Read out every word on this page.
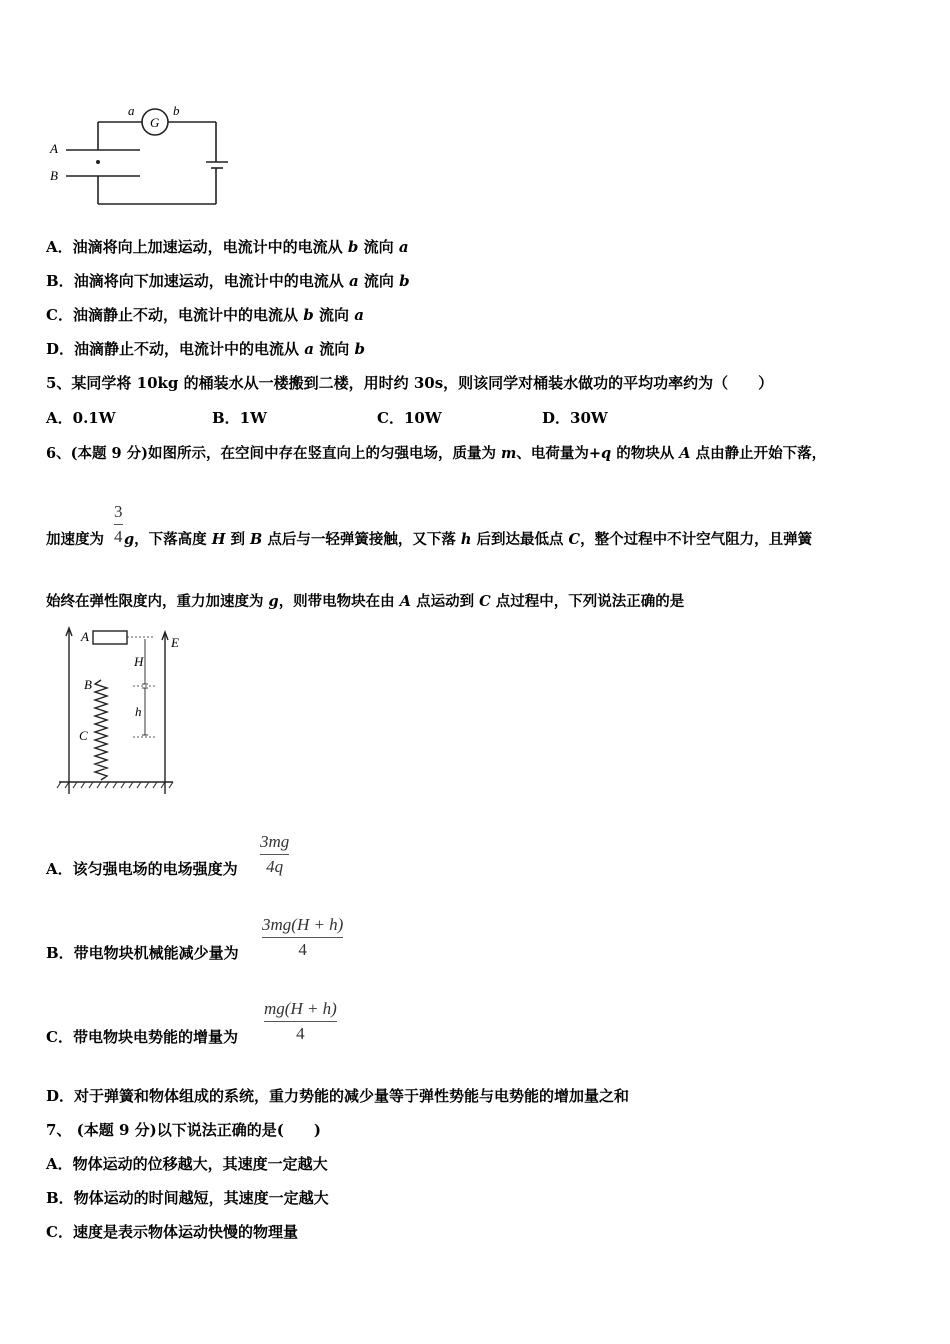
G
a	b
A
B
A．油滴将向上加速运动，电流计中的电流从 b 流向 a
B．油滴将向下加速运动，电流计中的电流从 a 流向 b
C．油滴静止不动，电流计中的电流从 b 流向 a
D．油滴静止不动，电流计中的电流从 a 流向 b
5、某同学将 10kg 的桶装水从一楼搬到二楼，用时约 30s，则该同学对桶装水做功的平均功率约为（　　）
A．0.1W	B．1W	C．10W	D．30W
6、(本题 9 分)如图所示，在空间中存在竖直向上的匀强电场，质量为 m、电荷量为+q 的物块从 A 点由静止开始下落，
3
4
加速度为 g，下落高度 H 到 B 点后与一轻弹簧接触，又下落 h 后到达最低点 C，整个过程中不计空气阻力，且弹簧
始终在弹性限度内，重力加速度为 g，则带电物块在由 A 点运动到 C 点过程中，下列说法正确的是
A
B
C
E
H
h
A．该匀强电场的电场强度为
3mg
4q
B．带电物块机械能减少量为
3mg(H + h)
4
C．带电物块电势能的增量为
mg(H + h)
4
D．对于弹簧和物体组成的系统，重力势能的减少量等于弹性势能与电势能的增加量之和
7、 (本题 9 分)以下说法正确的是(　　)
A．物体运动的位移越大，其速度一定越大
B．物体运动的时间越短，其速度一定越大
C．速度是表示物体运动快慢的物理量
